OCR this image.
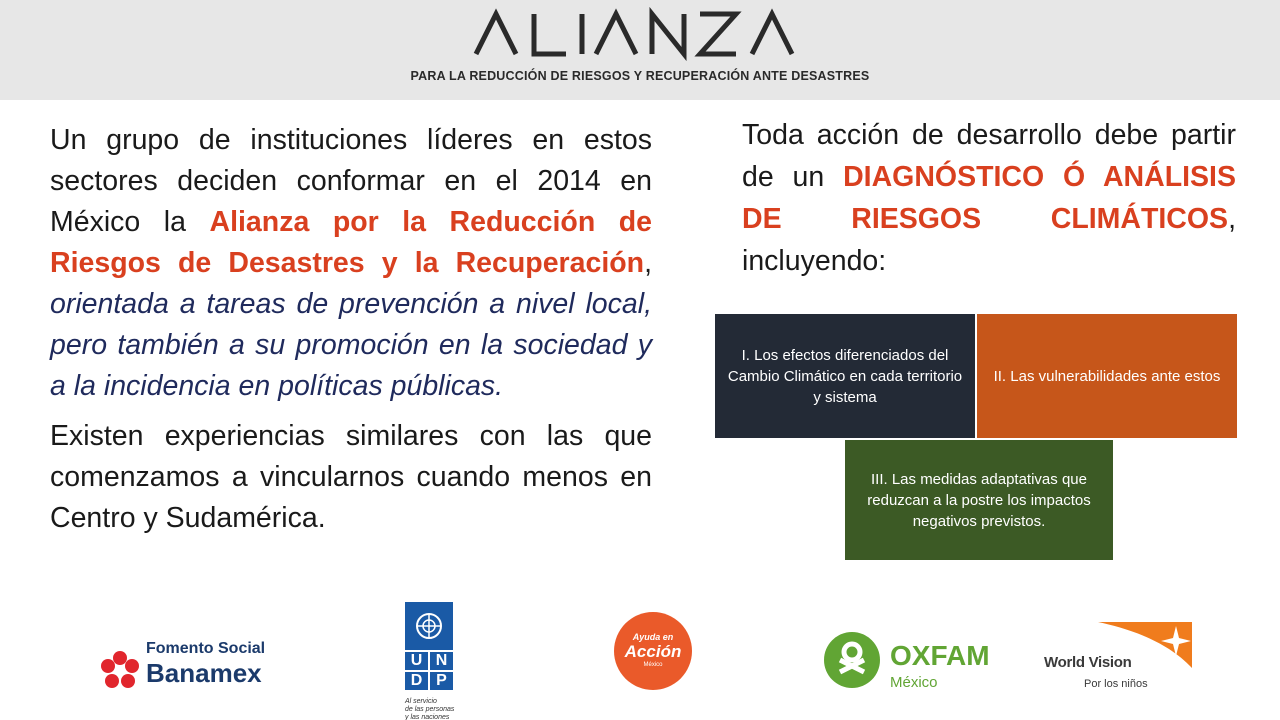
ALIANZA
PARA LA REDUCCIÓN DE RIESGOS Y RECUPERACIÓN ANTE DESASTRES

Un grupo de instituciones líderes en estos sectores deciden conformar en el 2014 en México la Alianza por la Reducción de Riesgos de Desastres y la Recuperación, orientada a tareas de prevención a nivel local, pero también a su promoción en la sociedad y a la incidencia en políticas públicas.

Existen experiencias similares con las que comenzamos a vincularnos cuando menos en Centro y Sudamérica.

Toda acción de desarrollo debe partir de un DIAGNÓSTICO Ó ANÁLISIS DE RIESGOS CLIMÁTICOS, incluyendo:
I. Los efectos diferenciados del Cambio Climático en cada territorio y sistema
II. Las vulnerabilidades ante estos
III. Las medidas adaptativas que reduzcan a la postre los impactos negativos previstos.
Fomento Social
Banamex	U N
D P
Al servicio
de las personas
y las naciones
Ayuda en
Acción
México	OXFAM
México
World Vision
Por los niños
